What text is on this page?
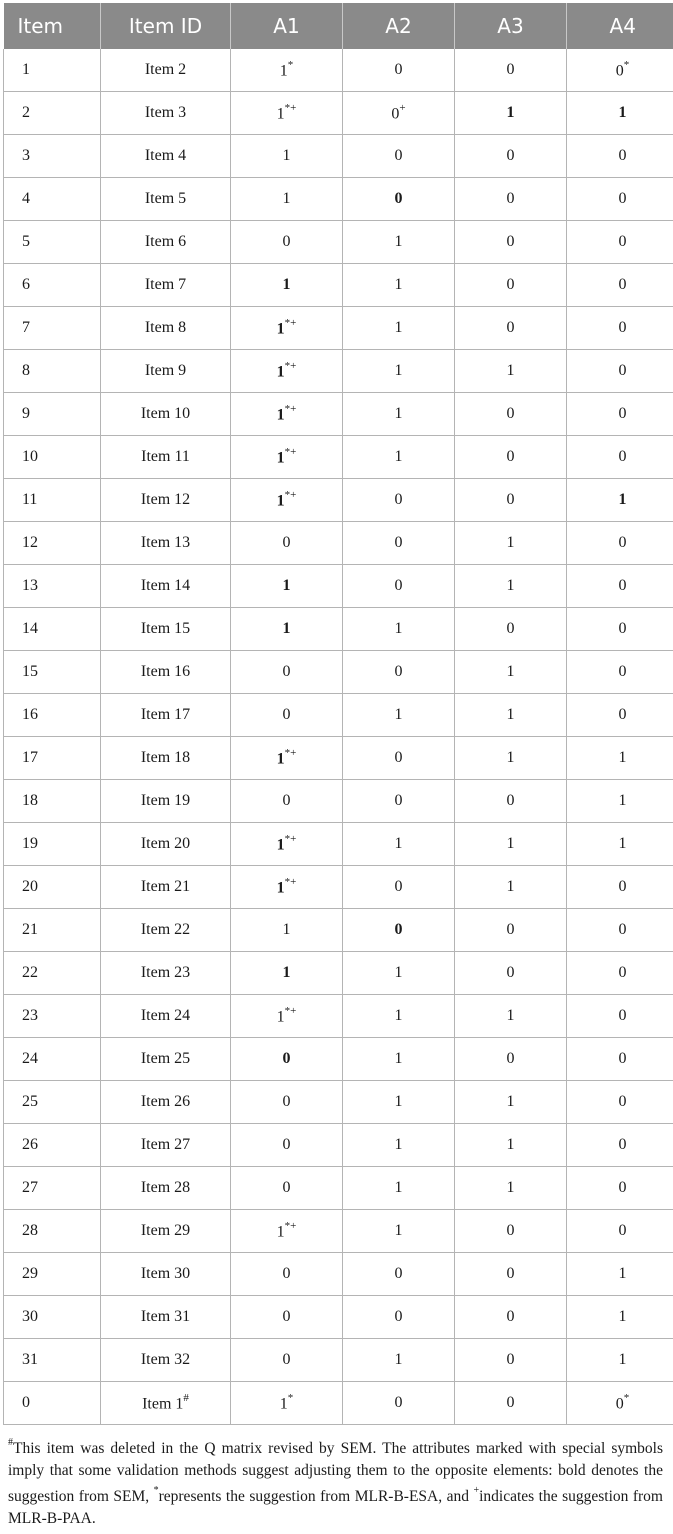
Item	Item ID	A1	A2	A3	A4
1	Item 2	1*	0	0	0*
2	Item 3	1*+	0+	1	1
3	Item 4	1	0	0	0
4	Item 5	1	0	0	0
5	Item 6	0	1	0	0
6	Item 7	1	1	0	0
7	Item 8	1*+	1	0	0
8	Item 9	1*+	1	1	0
9	Item 10	1*+	1	0	0
10	Item 11	1*+	1	0	0
11	Item 12	1*+	0	0	1
12	Item 13	0	0	1	0
13	Item 14	1	0	1	0
14	Item 15	1	1	0	0
15	Item 16	0	0	1	0
16	Item 17	0	1	1	0
17	Item 18	1*+	0	1	1
18	Item 19	0	0	0	1
19	Item 20	1*+	1	1	1
20	Item 21	1*+	0	1	0
21	Item 22	1	0	0	0
22	Item 23	1	1	0	0
23	Item 24	1*+	1	1	0
24	Item 25	0	1	0	0
25	Item 26	0	1	1	0
26	Item 27	0	1	1	0
27	Item 28	0	1	1	0
28	Item 29	1*+	1	0	0
29	Item 30	0	0	0	1
30	Item 31	0	0	0	1
31	Item 32	0	1	0	1
0	Item 1#	1*	0	0	0*
#This item was deleted in the Q matrix revised by SEM. The attributes marked with special symbols imply that some validation methods suggest adjusting them to the opposite elements: bold denotes the suggestion from SEM, *represents the suggestion from MLR-B-ESA, and +indicates the suggestion from MLR-B-PAA.
